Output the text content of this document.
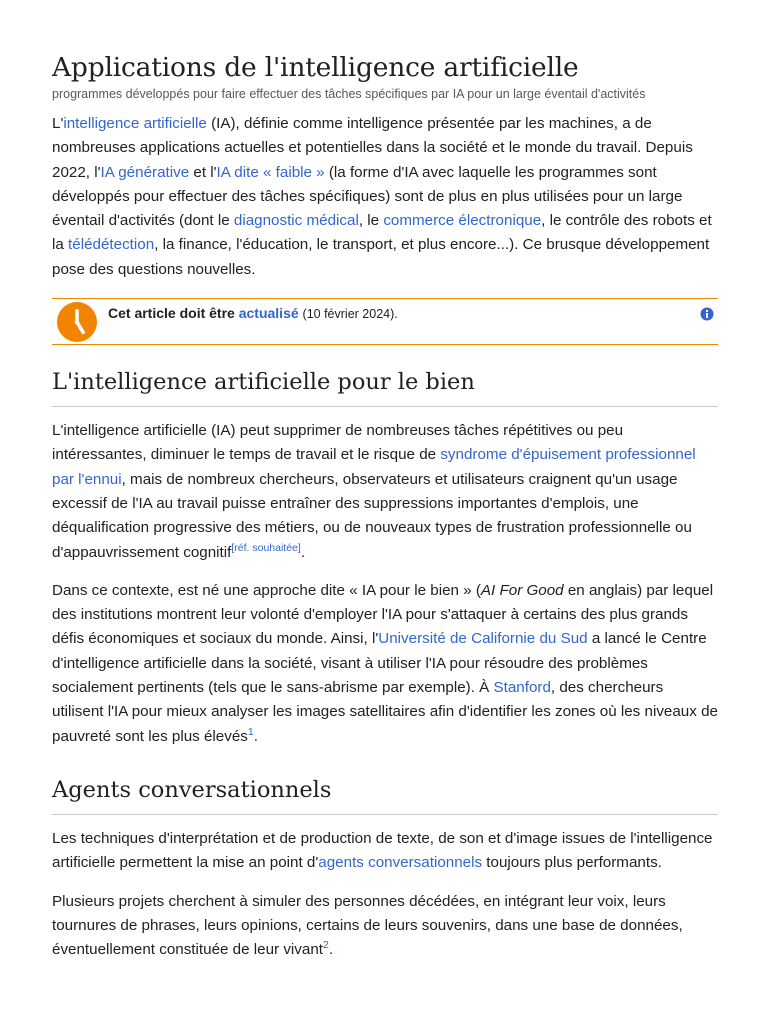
Applications de l'intelligence artificielle
programmes développés pour faire effectuer des tâches spécifiques par IA pour un large éventail d'activités

L'intelligence artificielle (IA), définie comme intelligence présentée par les machines, a de nombreuses applications actuelles et potentielles dans la société et le monde du travail. Depuis 2022, l'IA générative et l'IA dite « faible » (la forme d'IA avec laquelle les programmes sont développés pour effectuer des tâches spécifiques) sont de plus en plus utilisées pour un large éventail d'activités (dont le diagnostic médical, le commerce électronique, le contrôle des robots et la télédétection, la finance, l'éducation, le transport, et plus encore...). Ce brusque développement pose des questions nouvelles.

Cet article doit être actualisé (10 février 2024).
L'intelligence artificielle pour le bien

L'intelligence artificielle (IA) peut supprimer de nombreuses tâches répétitives ou peu intéressantes, diminuer le temps de travail et le risque de syndrome d'épuisement professionnel par l'ennui, mais de nombreux chercheurs, observateurs et utilisateurs craignent qu'un usage excessif de l'IA au travail puisse entraîner des suppressions importantes d'emplois, une déqualification progressive des métiers, ou de nouveaux types de frustration professionnelle ou d'appauvrissement cognitif[réf. souhaitée].

Dans ce contexte, est né une approche dite « IA pour le bien » (AI For Good en anglais) par lequel des institutions montrent leur volonté d'employer l'IA pour s'attaquer à certains des plus grands défis économiques et sociaux du monde. Ainsi, l'Université de Californie du Sud a lancé le Centre d'intelligence artificielle dans la société, visant à utiliser l'IA pour résoudre des problèmes socialement pertinents (tels que le sans-abrisme par exemple). À Stanford, des chercheurs utilisent l'IA pour mieux analyser les images satellitaires afin d'identifier les zones où les niveaux de pauvreté sont les plus élevés$^1$.

Agents conversationnels

Les techniques d'interprétation et de production de texte, de son et d'image issues de l'intelligence artificielle permettent la mise an point d'agents conversationnels toujours plus performants.

Plusieurs projets cherchent à simuler des personnes décédées, en intégrant leur voix, leurs tournures de phrases, leurs opinions, certains de leurs souvenirs, dans une base de données, éventuellement constituée de leur vivant$^2$.
